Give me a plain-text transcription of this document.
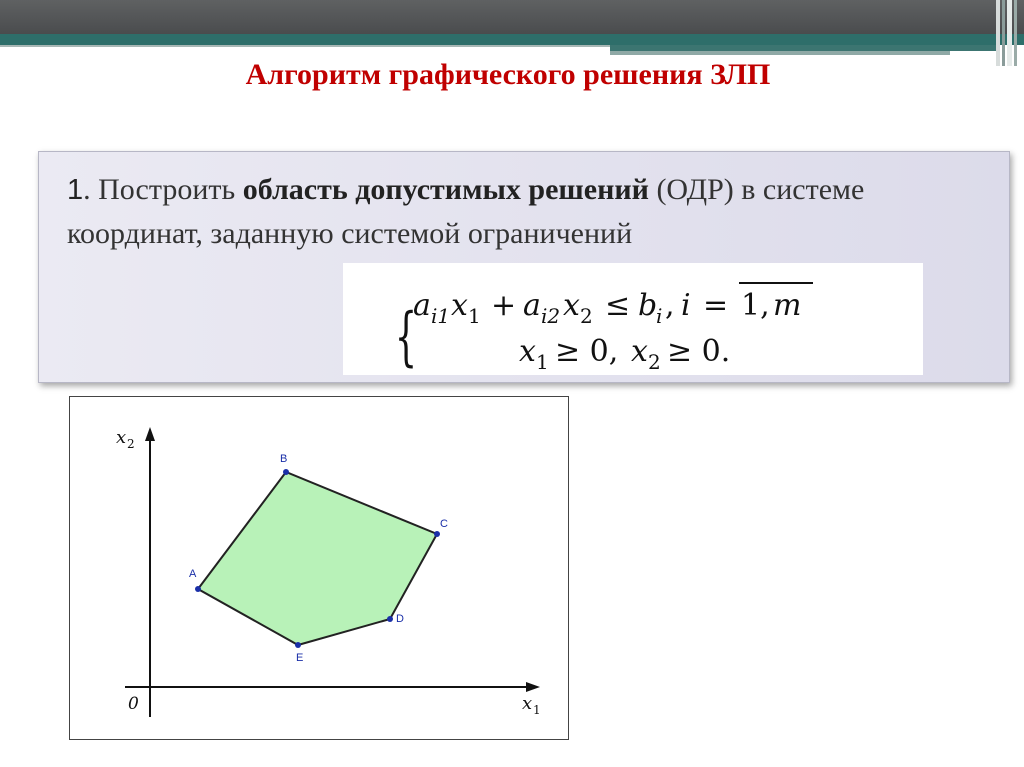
Алгоритм графического решения ЗЛП
1. Построить область допустимых решений (ОДР) в системе координат, заданную системой ограничений
{
a i1 x 1 + a i2 x 2 ≤ b
i , i = 1, m
x 1 ≥ 0, x 2 ≥ 0.
x 2
x 1
0
A
B
C
D
E
